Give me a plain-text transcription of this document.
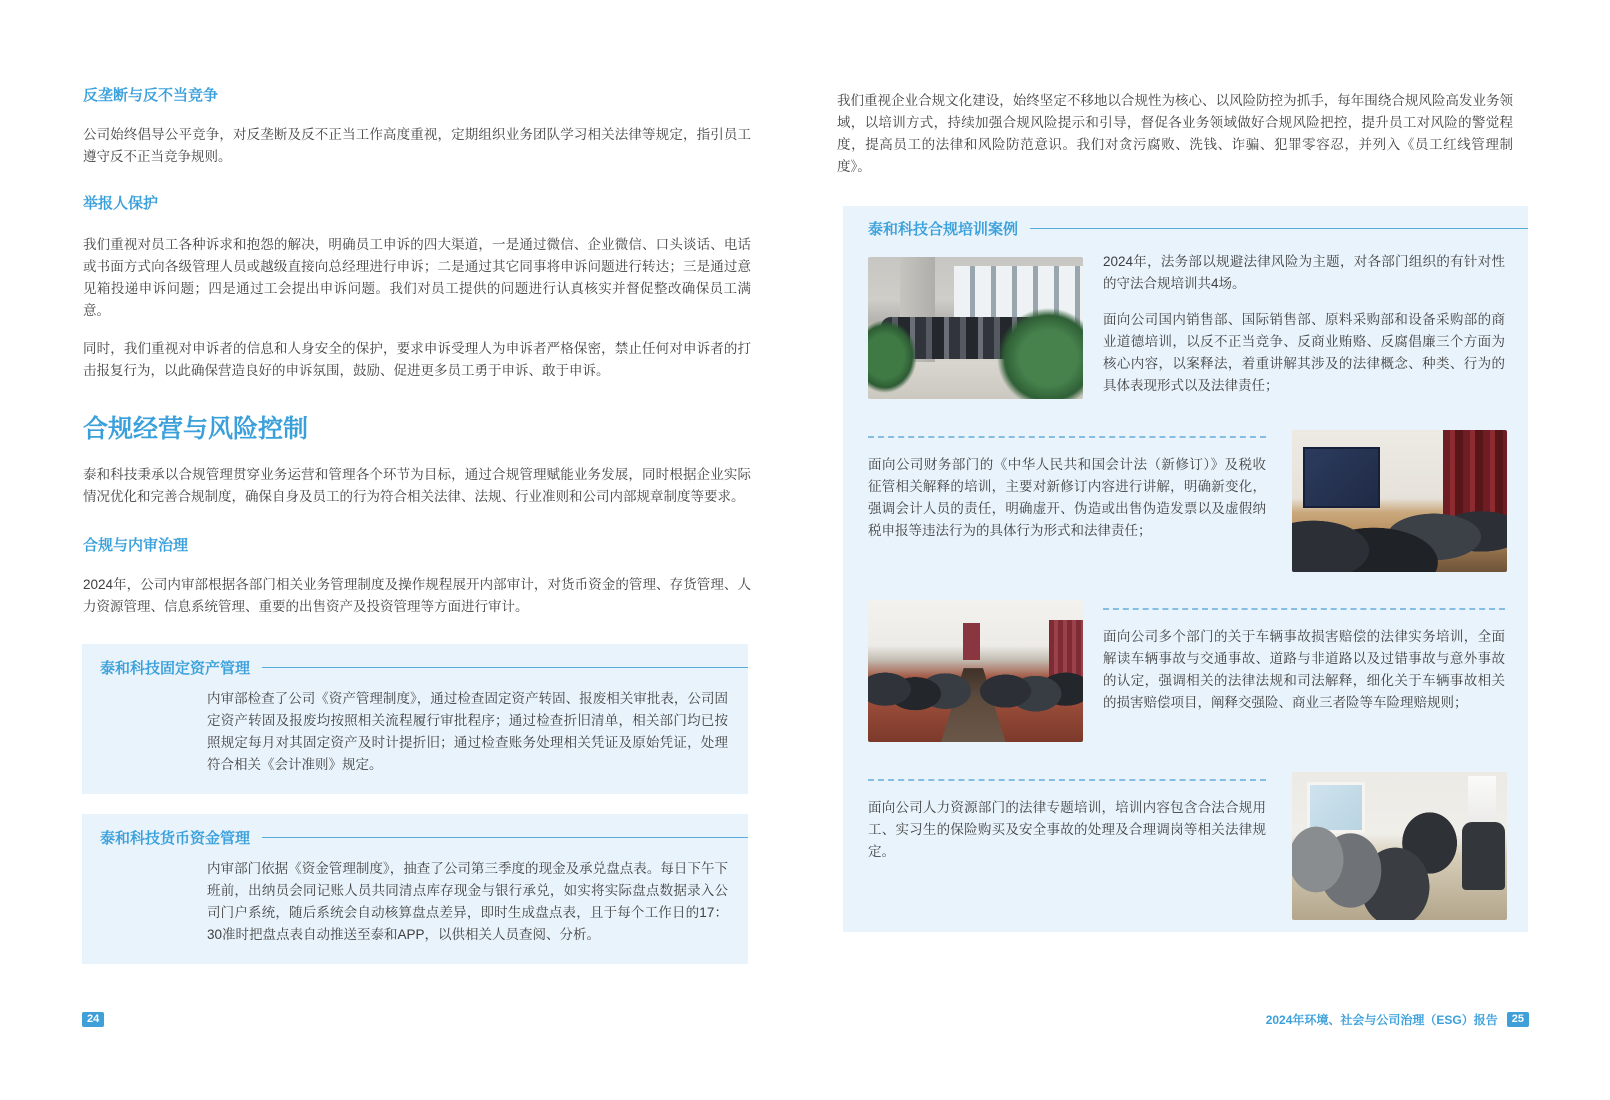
反垄断与反不当竞争

公司始终倡导公平竞争，对反垄断及反不正当工作高度重视，定期组织业务团队学习相关法律等规定，指引员工遵守反不正当竞争规则。

举报人保护

我们重视对员工各种诉求和抱怨的解决，明确员工申诉的四大渠道，一是通过微信、企业微信、口头谈话、电话或书面方式向各级管理人员或越级直接向总经理进行申诉；二是通过其它同事将申诉问题进行转达；三是通过意见箱投递申诉问题；四是通过工会提出申诉问题。我们对员工提供的问题进行认真核实并督促整改确保员工满意。

同时，我们重视对申诉者的信息和人身安全的保护，要求申诉受理人为申诉者严格保密，禁止任何对申诉者的打击报复行为，以此确保营造良好的申诉氛围，鼓励、促进更多员工勇于申诉、敢于申诉。

合规经营与风险控制

泰和科技秉承以合规管理贯穿业务运营和管理各个环节为目标，通过合规管理赋能业务发展，同时根据企业实际情况优化和完善合规制度，确保自身及员工的行为符合相关法律、法规、行业准则和公司内部规章制度等要求。

合规与内审治理

2024年，公司内审部根据各部门相关业务管理制度及操作规程展开内部审计，对货币资金的管理、存货管理、人力资源管理、信息系统管理、重要的出售资产及投资管理等方面进行审计。

泰和科技固定资产管理

内审部检查了公司《资产管理制度》，通过检查固定资产转固、报废相关审批表，公司固定资产转固及报废均按照相关流程履行审批程序；通过检查折旧清单，相关部门均已按照规定每月对其固定资产及时计提折旧；通过检查账务处理相关凭证及原始凭证，处理符合相关《会计准则》规定。

泰和科技货币资金管理

内审部门依据《资金管理制度》，抽查了公司第三季度的现金及承兑盘点表。每日下午下班前，出纳员会同记账人员共同清点库存现金与银行承兑，如实将实际盘点数据录入公司门户系统，随后系统会自动核算盘点差异，即时生成盘点表，且于每个工作日的17：30准时把盘点表自动推送至泰和APP，以供相关人员查阅、分析。

24

我们重视企业合规文化建设，始终坚定不移地以合规性为核心、以风险防控为抓手，每年围绕合规风险高发业务领域，以培训方式，持续加强合规风险提示和引导，督促各业务领域做好合规风险把控，提升员工对风险的警觉程度，提高员工的法律和风险防范意识。我们对贪污腐败、洗钱、诈骗、犯罪零容忍，并列入《员工红线管理制度》。

泰和科技合规培训案例

2024年，法务部以规避法律风险为主题，对各部门组织的有针对性的守法合规培训共4场。

面向公司国内销售部、国际销售部、原料采购部和设备采购部的商业道德培训，以反不正当竞争、反商业贿赂、反腐倡廉三个方面为核心内容，以案释法，着重讲解其涉及的法律概念、种类、行为的具体表现形式以及法律责任；

面向公司财务部门的《中华人民共和国会计法（新修订）》及税收征管相关解释的培训，主要对新修订内容进行讲解，明确新变化，强调会计人员的责任，明确虚开、伪造或出售伪造发票以及虚假纳税申报等违法行为的具体行为形式和法律责任；

面向公司多个部门的关于车辆事故损害赔偿的法律实务培训，全面解读车辆事故与交通事故、道路与非道路以及过错事故与意外事故的认定，强调相关的法律法规和司法解释，细化关于车辆事故相关的损害赔偿项目，阐释交强险、商业三者险等车险理赔规则；

面向公司人力资源部门的法律专题培训，培训内容包含合法合规用工、实习生的保险购买及安全事故的处理及合理调岗等相关法律规定。

2024年环境、社会与公司治理（ESG）报告	25
